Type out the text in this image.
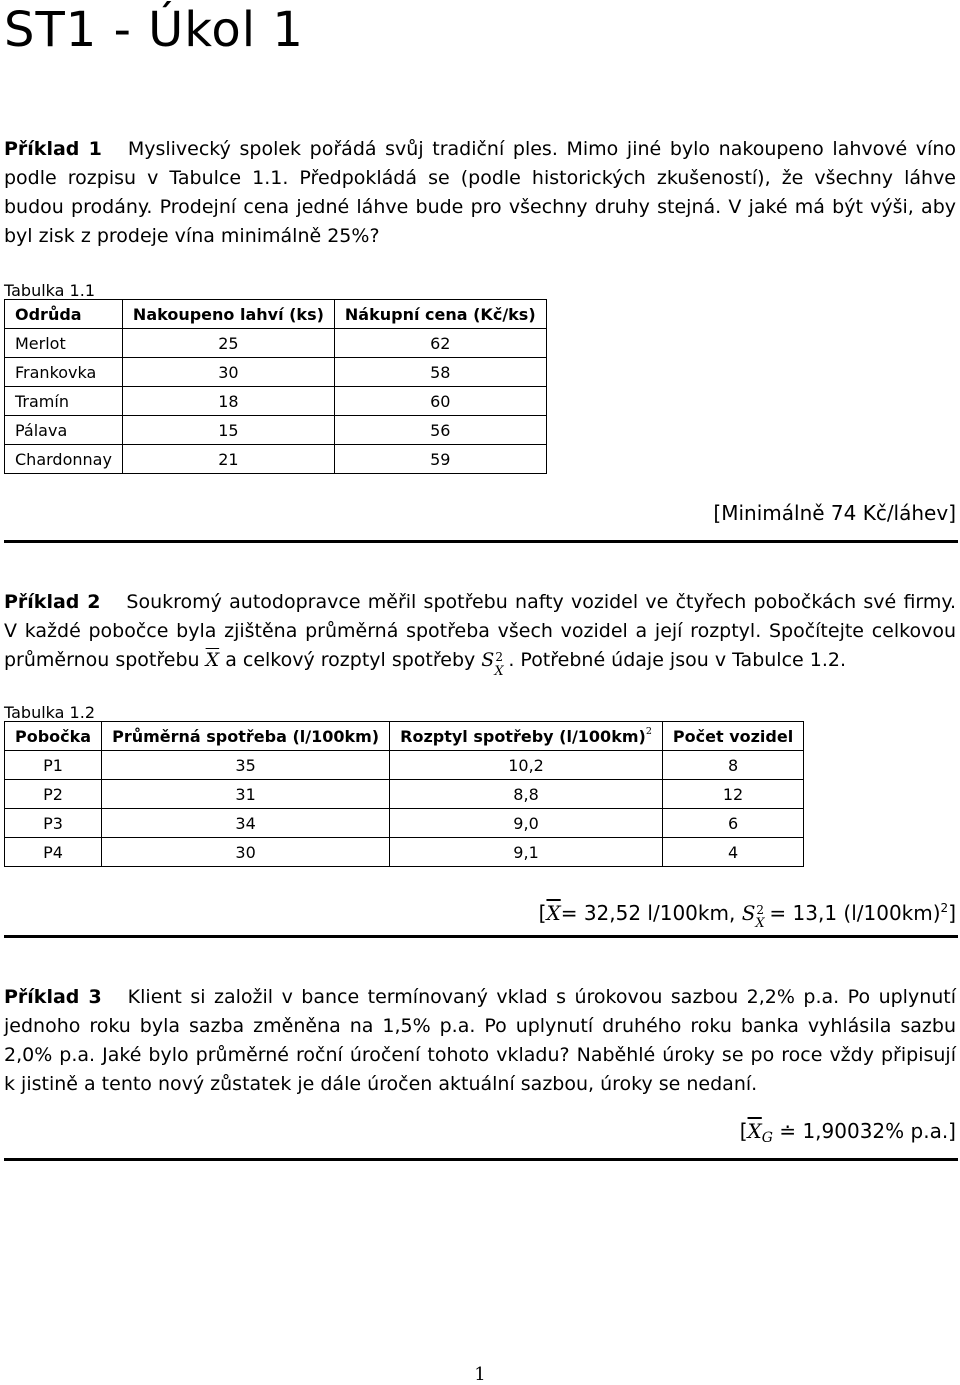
ST1 - Úkol 1
Příklad 1 Myslivecký spolek pořádá svůj tradiční ples. Mimo jiné bylo nakoupeno lahvové víno podle rozpisu v Tabulce 1.1. Předpokládá se (podle historických zkušeností), že všechny láhve budou prodány. Prodejní cena jedné láhve bude pro všechny druhy stejná. V jaké má být výši, aby byl zisk z prodeje vína minimálně 25%?
Tabulka 1.1
Odrůda	Nakoupeno lahví (ks)	Nákupní cena (Kč/ks)
Merlot	25	62
Frankovka	30	58
Tramín	18	60
Pálava	15	56
Chardonnay	21	59
[Minimálně 74 Kč/láhev]
Příklad 2 Soukromý autodopravce měřil spotřebu nafty vozidel ve čtyřech pobočkách své firmy. V každé pobočce byla zjištěna průměrná spotřeba všech vozidel a její rozptyl. Spočítejte celkovou průměrnou spotřebu $\overline{X}$ a celkový rozptyl spotřeby S 2
X . Potřebné údaje jsou v Tabulce 1.2.
Tabulka 1.2
Pobočka	Průměrná spotřeba (l/100km)	Rozptyl spotřeby $(l/100km)^2$	Počet vozidel
P1	35	10,2	8
P2	31	8,8	12
P3	34	9,0	6
P4	30	9,1	4
[$\overline{X}= 32,52$ l/100km, S 2
X = 13,1 $(l/100km)^2$]
Příklad 3 Klient si založil v bance termínovaný vklad s úrokovou sazbou 2,2% p.a. Po uplynutí jednoho roku byla sazba změněna na 1,5% p.a. Po uplynutí druhého roku banka vyhlásila sazbu 2,0% p.a. Jaké bylo průměrné roční úročení tohoto vkladu? Naběhlé úroky se po roce vždy připisují k jistině a tento nový zůstatek je dále úročen aktuální sazbou, úroky se nedaní.
[$\overline{X}_G$ ≐ 1,90032% p.a.]
1
